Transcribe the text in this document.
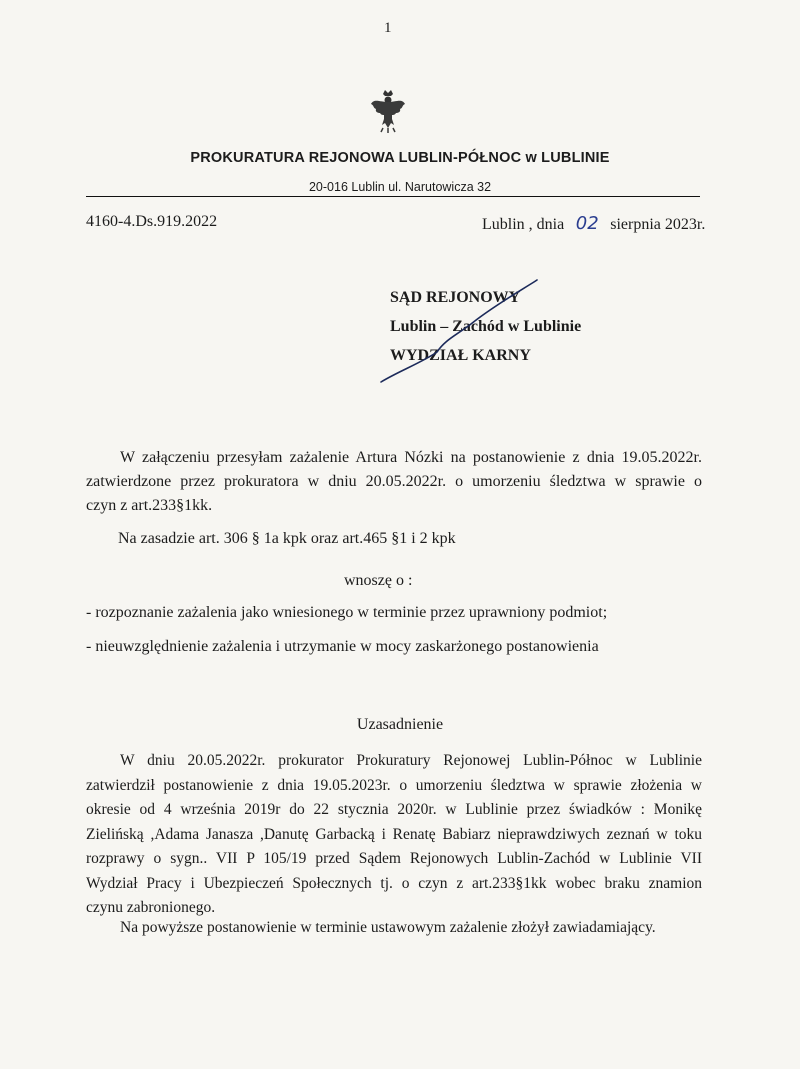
1
PROKURATURA REJONOWA LUBLIN-PÓŁNOC w LUBLINIE
20-016 Lublin ul. Narutowicza 32
4160-4.Ds.919.2022	Lublin , dnia 02 sierpnia 2023r.
SĄD REJONOWY
Lublin – Zachód w Lublinie
WYDZIAŁ KARNY
W załączeniu przesyłam zażalenie Artura Nózki na postanowienie z dnia 19.05.2022r.
zatwierdzone przez prokuratora w dniu 20.05.2022r. o umorzeniu śledztwa w sprawie o
czyn z art.233§1kk.
Na zasadzie art. 306 § 1a kpk oraz art.465 §1 i 2 kpk
wnoszę o :
- rozpoznanie zażalenia jako wniesionego w terminie przez uprawniony podmiot;
- nieuwzględnienie zażalenia i utrzymanie w mocy zaskarżonego postanowienia
Uzasadnienie
W dniu 20.05.2022r. prokurator Prokuratury Rejonowej Lublin-Północ w Lublinie
zatwierdził postanowienie z dnia 19.05.2023r. o umorzeniu śledztwa w sprawie złożenia w
okresie od 4 września 2019r do 22 stycznia 2020r. w Lublinie przez świadków : Monikę
Zielińską ,Adama Janasza ,Danutę Garbacką i Renatę Babiarz nieprawdziwych zeznań w toku
rozprawy o sygn.. VII P 105/19 przed Sądem Rejonowych Lublin-Zachód w Lublinie VII
Wydział Pracy i Ubezpieczeń Społecznych tj. o czyn z art.233§1kk wobec braku znamion
czynu zabronionego.
Na powyższe postanowienie w terminie ustawowym zażalenie złożył zawiadamiający.
